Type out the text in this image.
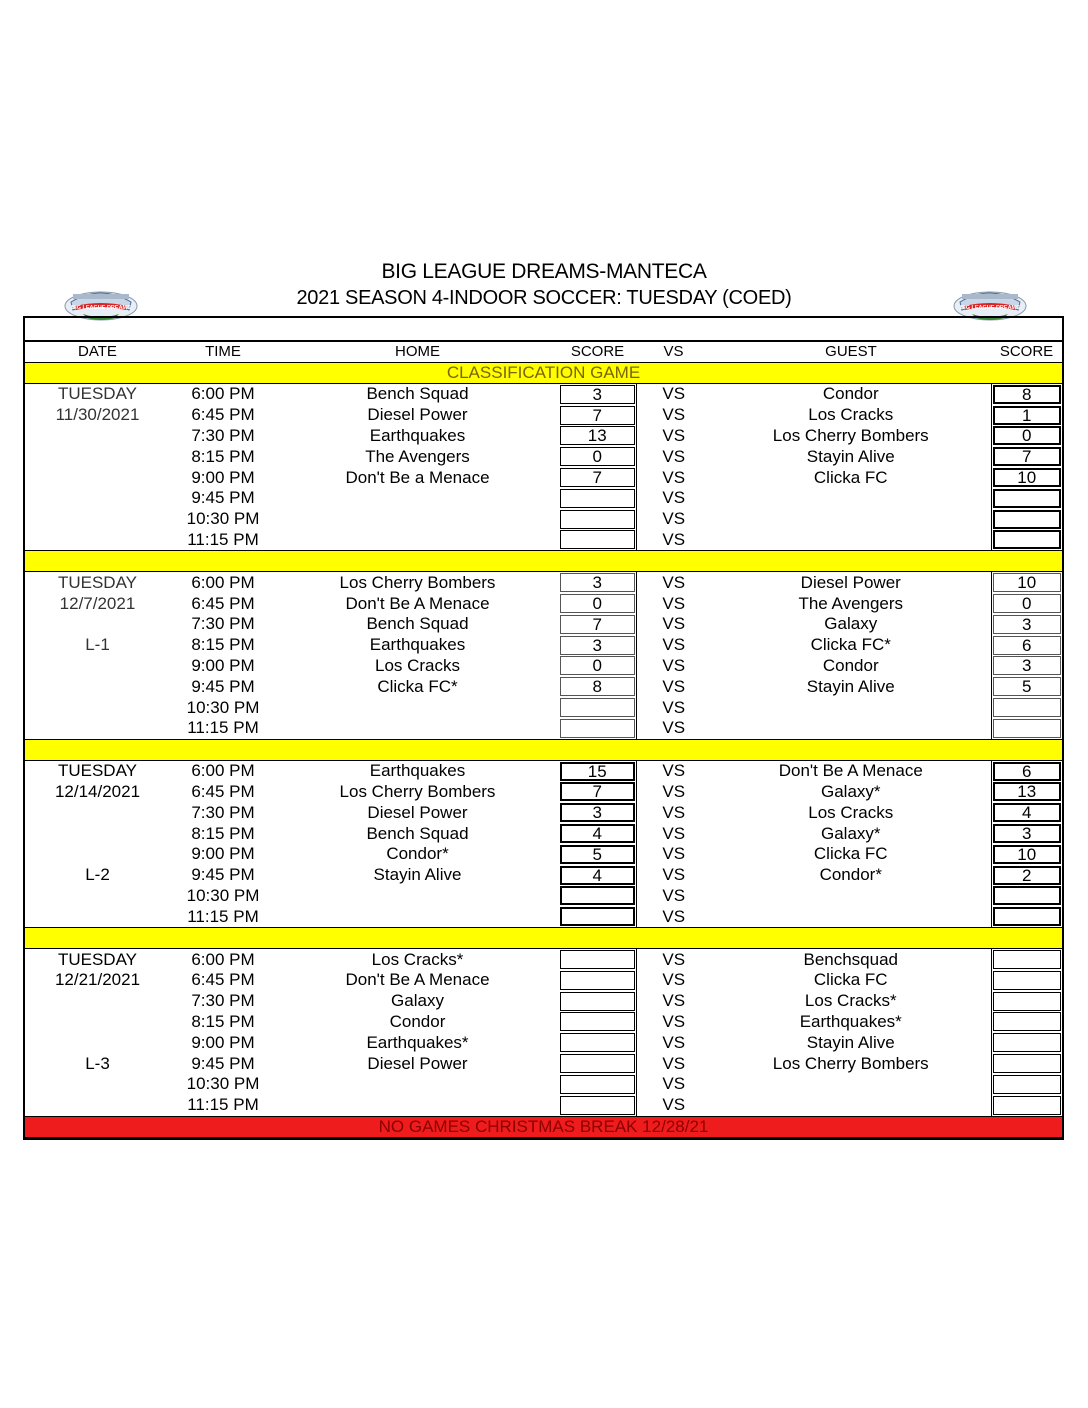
BIG LEAGUE DREAMS-MANTECA
2021 SEASON 4-INDOOR SOCCER: TUESDAY (COED)
BIG LEAGUE DREAMS	BIG LEAGUE DREAMS
DATE	TIME	HOME	SCORE	VS	GUEST	SCORE
CLASSIFICATION GAME						
TUESDAY	6:00 PM	Bench Squad	3	VS	Condor	8

11/30/2021	6:45 PM	Diesel Power	7	VS	Los Cracks	1

	7:30 PM	Earthquakes	13	VS	Los Cherry Bombers	0

	8:15 PM	The Avengers	0	VS	Stayin Alive	7

	9:00 PM	Don't Be a Menace	7	VS	Clicka FC	10

	9:45 PM			VS		

	10:30 PM			VS		

	11:15 PM			VS		

TUESDAY	6:00 PM	Los Cherry Bombers	3	VS	Diesel Power	10

12/7/2021	6:45 PM	Don't Be A Menace	0	VS	The Avengers	0

	7:30 PM	Bench Squad	7	VS	Galaxy	3

L-1	8:15 PM	Earthquakes	3	VS	Clicka FC*	6

	9:00 PM	Los Cracks	0	VS	Condor	3

	9:45 PM	Clicka FC*	8	VS	Stayin Alive	5

	10:30 PM			VS		

	11:15 PM			VS		

TUESDAY	6:00 PM	Earthquakes	15	VS	Don't Be A Menace	6

12/14/2021	6:45 PM	Los Cherry Bombers	7	VS	Galaxy*	13

	7:30 PM	Diesel Power	3	VS	Los Cracks	4

	8:15 PM	Bench Squad	4	VS	Galaxy*	3

	9:00 PM	Condor*	5	VS	Clicka FC	10

L-2	9:45 PM	Stayin Alive	4	VS	Condor*	2

	10:30 PM			VS		

	11:15 PM			VS		

TUESDAY	6:00 PM	Los Cracks*		VS	Benchsquad	

12/21/2021	6:45 PM	Don't Be A Menace		VS	Clicka FC	

	7:30 PM	Galaxy		VS	Los Cracks*	

	8:15 PM	Condor		VS	Earthquakes*	

	9:00 PM	Earthquakes*		VS	Stayin Alive	

L-3	9:45 PM	Diesel Power		VS	Los Cherry Bombers	

	10:30 PM			VS		

	11:15 PM			VS		

NO GAMES CHRISTMAS BREAK 12/28/21						
